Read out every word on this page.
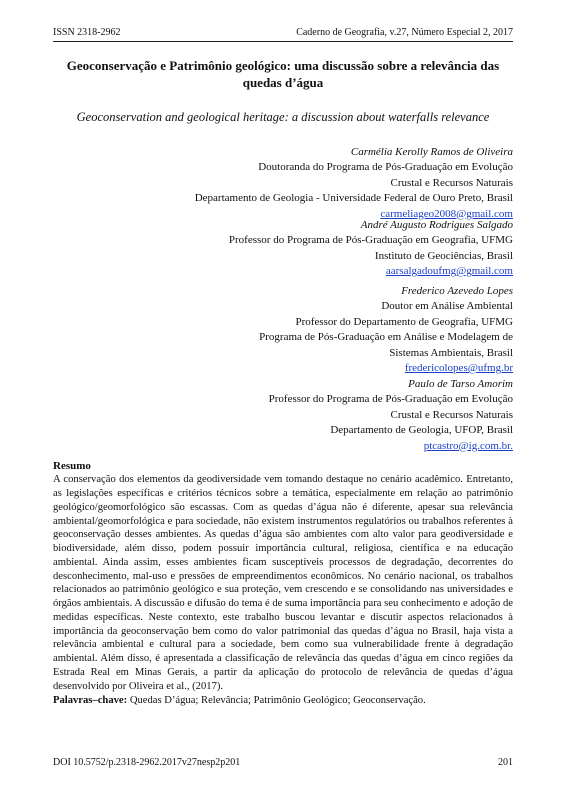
ISSN 2318-2962	Caderno de Geografia, v.27, Número Especial 2, 2017
Geoconservação e Patrimônio geológico: uma discussão sobre a relevância das quedas d’água
Geoconservation and geological heritage: a discussion about waterfalls relevance
Carmélia Kerolly Ramos de Oliveira
Doutoranda do Programa de Pós-Graduação em Evolução
Crustal e Recursos Naturais
Departamento de Geologia - Universidade Federal de Ouro Preto, Brasil
carmeliageo2008@gmail.com
André Augusto Rodrigues Salgado
Professor do Programa de Pós-Graduação em Geografia, UFMG
Instituto de Geociências, Brasil
aarsalgadoufmg@gmail.com
Frederico Azevedo Lopes
Doutor em Análise Ambiental
Professor do Departamento de Geografia, UFMG
Programa de Pós-Graduação em Análise e Modelagem de
Sistemas Ambientais, Brasil
fredericolopes@ufmg.br
Paulo de Tarso Amorim
Professor do Programa de Pós-Graduação em Evolução
Crustal e Recursos Naturais
Departamento de Geologia, UFOP, Brasil
ptcastro@ig.com.br.
Resumo
A conservação dos elementos da geodiversidade vem tomando destaque no cenário acadêmico. Entretanto, as legislações específicas e critérios técnicos sobre a temática, especialmente em relação ao patrimônio geológico/geomorfológico são escassas. Com as quedas d’água não é diferente, apesar sua relevância ambiental/geomorfológica e para sociedade, não existem instrumentos regulatórios ou trabalhos referentes à geoconservação desses ambientes. As quedas d’água são ambientes com alto valor para geodiversidade e biodiversidade, além disso, podem possuir importância cultural, religiosa, científica e na educação ambiental. Ainda assim, esses ambientes ficam susceptíveis processos de degradação, decorrentes do desconhecimento, mal-uso e pressões de empreendimentos econômicos. No cenário nacional, os trabalhos relacionados ao patrimônio geológico e sua proteção, vem crescendo e se consolidando nas universidades e órgãos ambientais. A discussão e difusão do tema é de suma importância para seu conhecimento e adoção de medidas específicas. Neste contexto, este trabalho buscou levantar e discutir aspectos relacionados à importância da geoconservação bem como do valor patrimonial das quedas d’água no Brasil, haja vista a relevância ambiental e cultural para a sociedade, bem como sua vulnerabilidade frente à degradação ambiental. Além disso, é apresentada a classificação de relevância das quedas d’água em cinco regiões da Estrada Real em Minas Gerais, a partir da aplicação do protocolo de relevância de quedas d’água desenvolvido por Oliveira et al., (2017).
Palavras–chave: Quedas D’água; Relevância; Patrimônio Geológico; Geoconservação.
DOI 10.5752/p.2318-2962.2017v27nesp2p201	201
